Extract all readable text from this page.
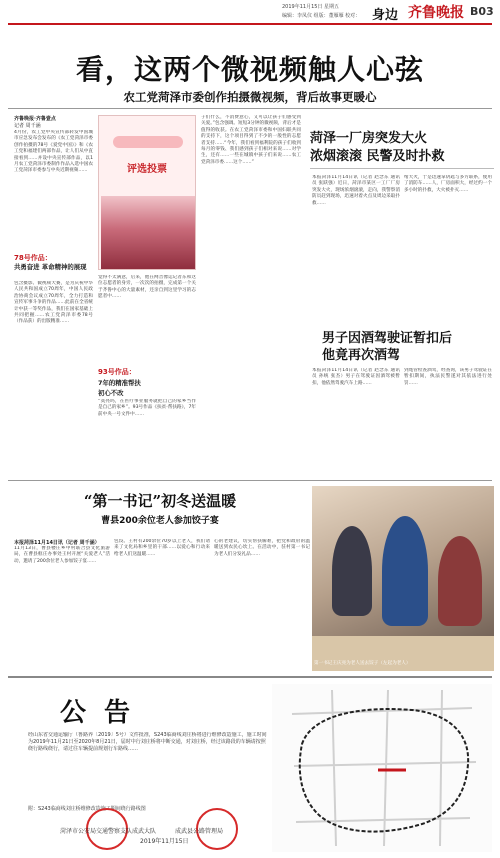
2019年11月15日 星期五
编辑：李凤仪 组版：董雁雁 校对： 身边 齐鲁晚报 B03
看，这两个微视频触人心弦
农工党菏泽市委创作拍摄微视频，背后故事更暖心
齐鲁晚报·齐鲁壹点
记者 周千涵
4月份，农工党中央宣传部转发中国城市应急发布会发布的《农工党菏泽市委创作拍摄的78号《爱党中国》》和《农工党和福建们两部作品，让人们从中直接看到……并设中央宣传部作品，以1月农工党菏泽市委制作作品入选中国农工党菏泽市委参与中央近期视频……
78号作品：
共勇奋进 革命精神的展现
包含摄影、微视频大赛，是为庆祝中华人民共和国成立70周年，中国人民政治协商会议成立70周年，全力打造和宣传军事斗争的作品……此前在全省统计中获一等奖作品，我们在国家基础上共同把握……农工党菏泽市委78号（作品获）的出版精准……
评选投票
觉得不太满意，后来，他在网音像运记者东和这位志愿者的身旁，一次次的拍摄，完成第一个关于齐鲁中心的大量素材，还亲自到这里学习的志愿者中……
93号作品：
7年的精准帮扶
初心不改
“寞亮吗，在医疗事业服务就把自己的家乡当作是自己的家乡”。93号作品《扶贫·帮扶路》，7年前中央一号文件中……
子们什么，不消费意心，又可以让孩子们感受到关爱。”包含强调。短短3分钟的微视频，背后才是值得的收获。在农工党菏泽市委和中国妇联共同的支持下，这个项目得到了不少的一般性的志愿者支持……“今年，我们看到福利院的孩子们收到每月的零钱、我们感到孩子们相对来说……对学生，还有……一些在城镇中孩子们来说……农工党菏泽市委……这个……”
菏泽一厂房突发大火
浓烟滚滚 民警及时扑救
本报菏泽11月14日讯（记者 赵念东 通讯员 张跃强）近日，菏泽市某区一工厂厂房突发大火，现场浓烟滚滚，走向，我警察消防员赶到现场，迅速对着火点及周边采取扑救……
绪大火，于是迅速拿钥匙与多方联系，使用了消防车……人，厂房面积大，经过约一个多小时的扑救，大火被扑灭……
男子因酒驾驶证暂扣后
他竟再次酒驾
本报菏泽11月14日讯（记者 赵念东 通讯员 孙统 张杰）男子在驾驶证因酒驾被暂扣，他依然驾驶汽车上路……
到尾管检查酒驾，经查询，该男子驾驶证在暂扣期间，执法民警遂对其依法进行处罚……
“第一书记”初冬送温暖
曹县200余位老人参加饺子宴
本报菏泽11月14日讯（记者 周千涵）
11月13日，曹县楼庄乡中村联合县文化旅游局，在曹县框庄办事处王村开展“关爱老人”活动，邀请了200余位老人参加饺子宴……
包饺。王村有200余位70岁以上老人，我们请来了文化局和乡里的干部……以爱心和行动来给老人们送温暖……
心的老建议，切实帮扶解难，把党和政府的温暖送到农民心坎上。在活动中，驻村第一书记为老人们分发礼品……
第一书记王庆亮为老人送去饺子（左起为老人）
公告
经山东省交通运输厅（鲁路养〔2019〕5号）文件批准，S243临商线刘庄桥将进行维修改造施工，施工时间为2019年11月21日至2020年8月21日，届时中行刘庄桥将中断交通，对刘庄桥，经过该路段的车辆请按照绕行路线绕行，请过往车辆提前规划行车路线……
附：S243临商线刘庄桥维修改造施工期间绕行路线图
菏泽市公安局交通警察支队成武大队	成武县公路管理局
2019年11月15日
